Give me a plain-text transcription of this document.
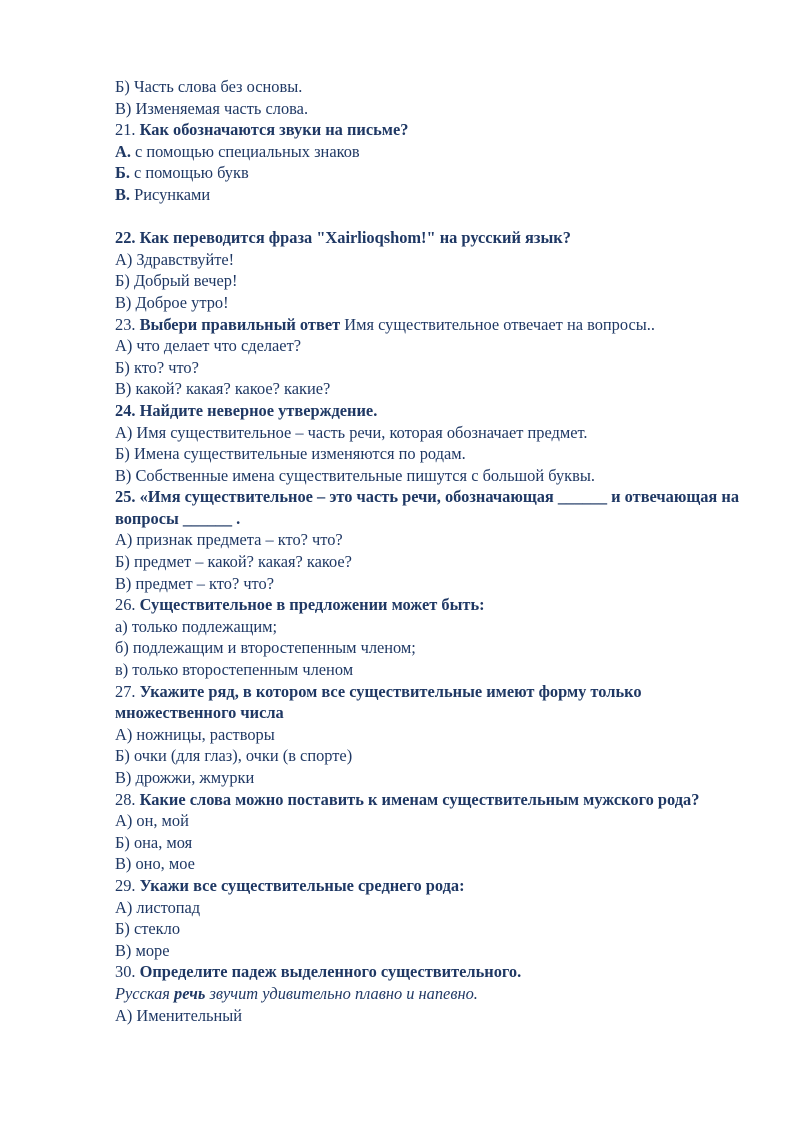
Б) Часть слова без основы.
В) Изменяемая часть слова.
21. Как обозначаются звуки на письме?
А. с помощью специальных знаков
Б. с помощью букв
В. Рисунками
22. Как переводится фраза "Xairlioqshom!" на русский язык?
А) Здравствуйте!
Б) Добрый вечер!
В) Доброе утро!
23. Выбери правильный ответ Имя существительное отвечает на вопросы..
А) что делает что сделает?
Б) кто? что?
В) какой? какая? какое? какие?
24. Найдите неверное утверждение.
А) Имя существительное – часть речи, которая обозначает предмет.
Б) Имена существительные изменяются по родам.
В) Собственные имена существительные пишутся с большой буквы.
25. «Имя существительное – это часть речи, обозначающая ______ и отвечающая на вопросы ______ .
А) признак предмета – кто? что?
Б) предмет – какой? какая? какое?
В) предмет – кто? что?
26. Существительное в предложении может быть:
а) только подлежащим;
б) подлежащим и второстепенным членом;
в) только второстепенным членом
27. Укажите ряд, в котором все существительные имеют форму только множественного числа
А) ножницы, растворы
Б) очки (для глаз), очки (в спорте)
В) дрожжи, жмурки
28. Какие слова можно поставить к именам существительным мужского рода?
А) он, мой
Б) она, моя
В) оно, мое
29. Укажи все существительные среднего рода:
А) листопад
Б) стекло
В) море
30. Определите падеж выделенного существительного.
Русская речь звучит удивительно плавно и напевно.
А) Именительный
